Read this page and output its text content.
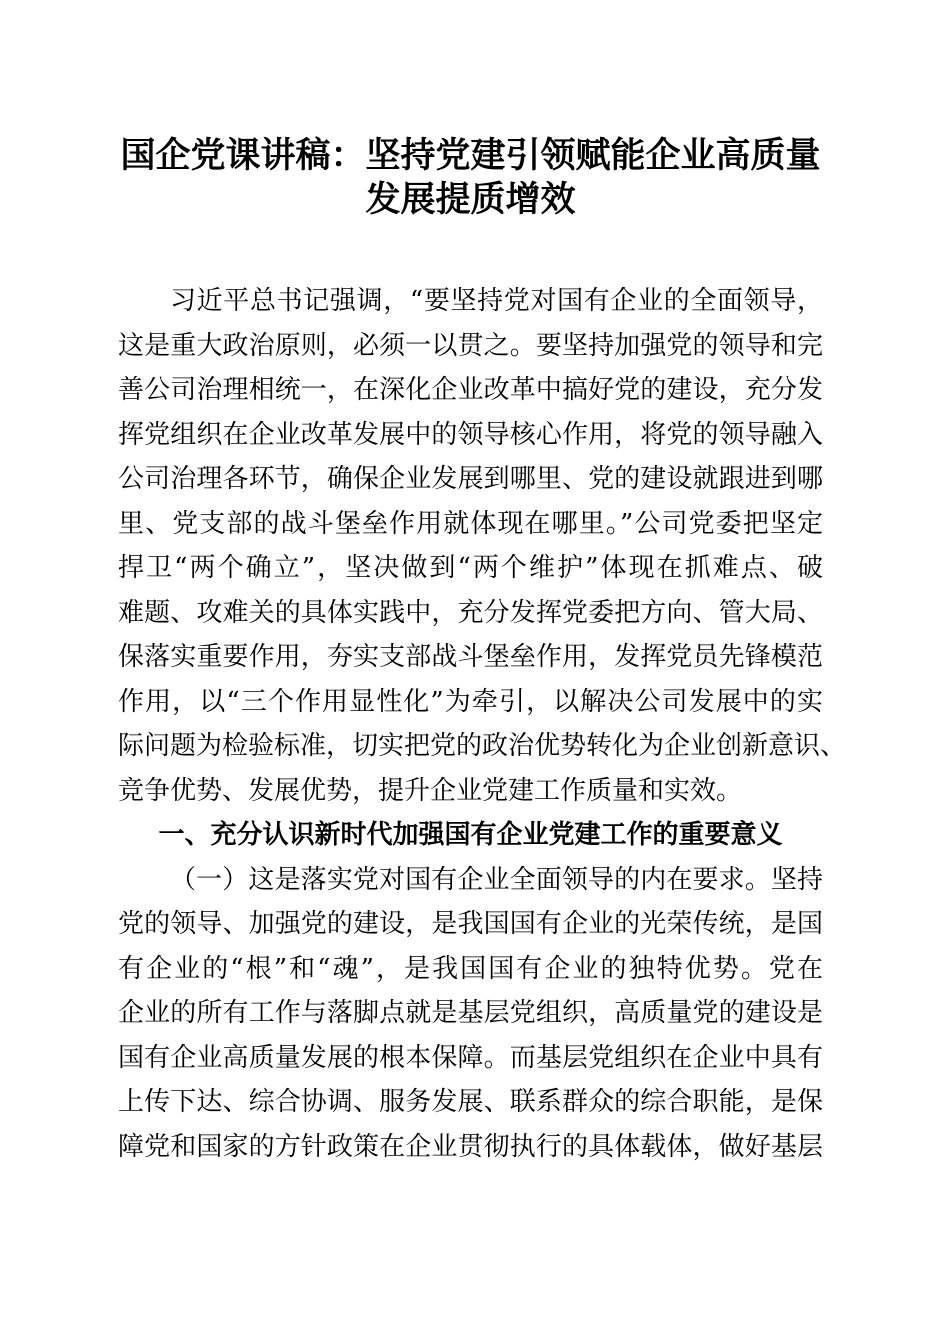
国企党课讲稿：坚持党建引领赋能企业高质量
发展提质增效
习近平总书记强调，“要坚持党对国有企业的全面领导，
这是重大政治原则，必须一以贯之。要坚持加强党的领导和完
善公司治理相统一，在深化企业改革中搞好党的建设，充分发
挥党组织在企业改革发展中的领导核心作用，将党的领导融入
公司治理各环节，确保企业发展到哪里、党的建设就跟进到哪
里、党支部的战斗堡垒作用就体现在哪里。”公司党委把坚定
捍卫“两个确立”，坚决做到“两个维护”体现在抓难点、破
难题、攻难关的具体实践中，充分发挥党委把方向、管大局、
保落实重要作用，夯实支部战斗堡垒作用，发挥党员先锋模范
作用，以“三个作用显性化”为牵引，以解决公司发展中的实
际问题为检验标准，切实把党的政治优势转化为企业创新意识、
竞争优势、发展优势，提升企业党建工作质量和实效。
一、充分认识新时代加强国有企业党建工作的重要意义
（一）这是落实党对国有企业全面领导的内在要求。坚持
党的领导、加强党的建设，是我国国有企业的光荣传统，是国
有企业的“根”和“魂”，是我国国有企业的独特优势。党在
企业的所有工作与落脚点就是基层党组织，高质量党的建设是
国有企业高质量发展的根本保障。而基层党组织在企业中具有
上传下达、综合协调、服务发展、联系群众的综合职能，是保
障党和国家的方针政策在企业贯彻执行的具体载体，做好基层
